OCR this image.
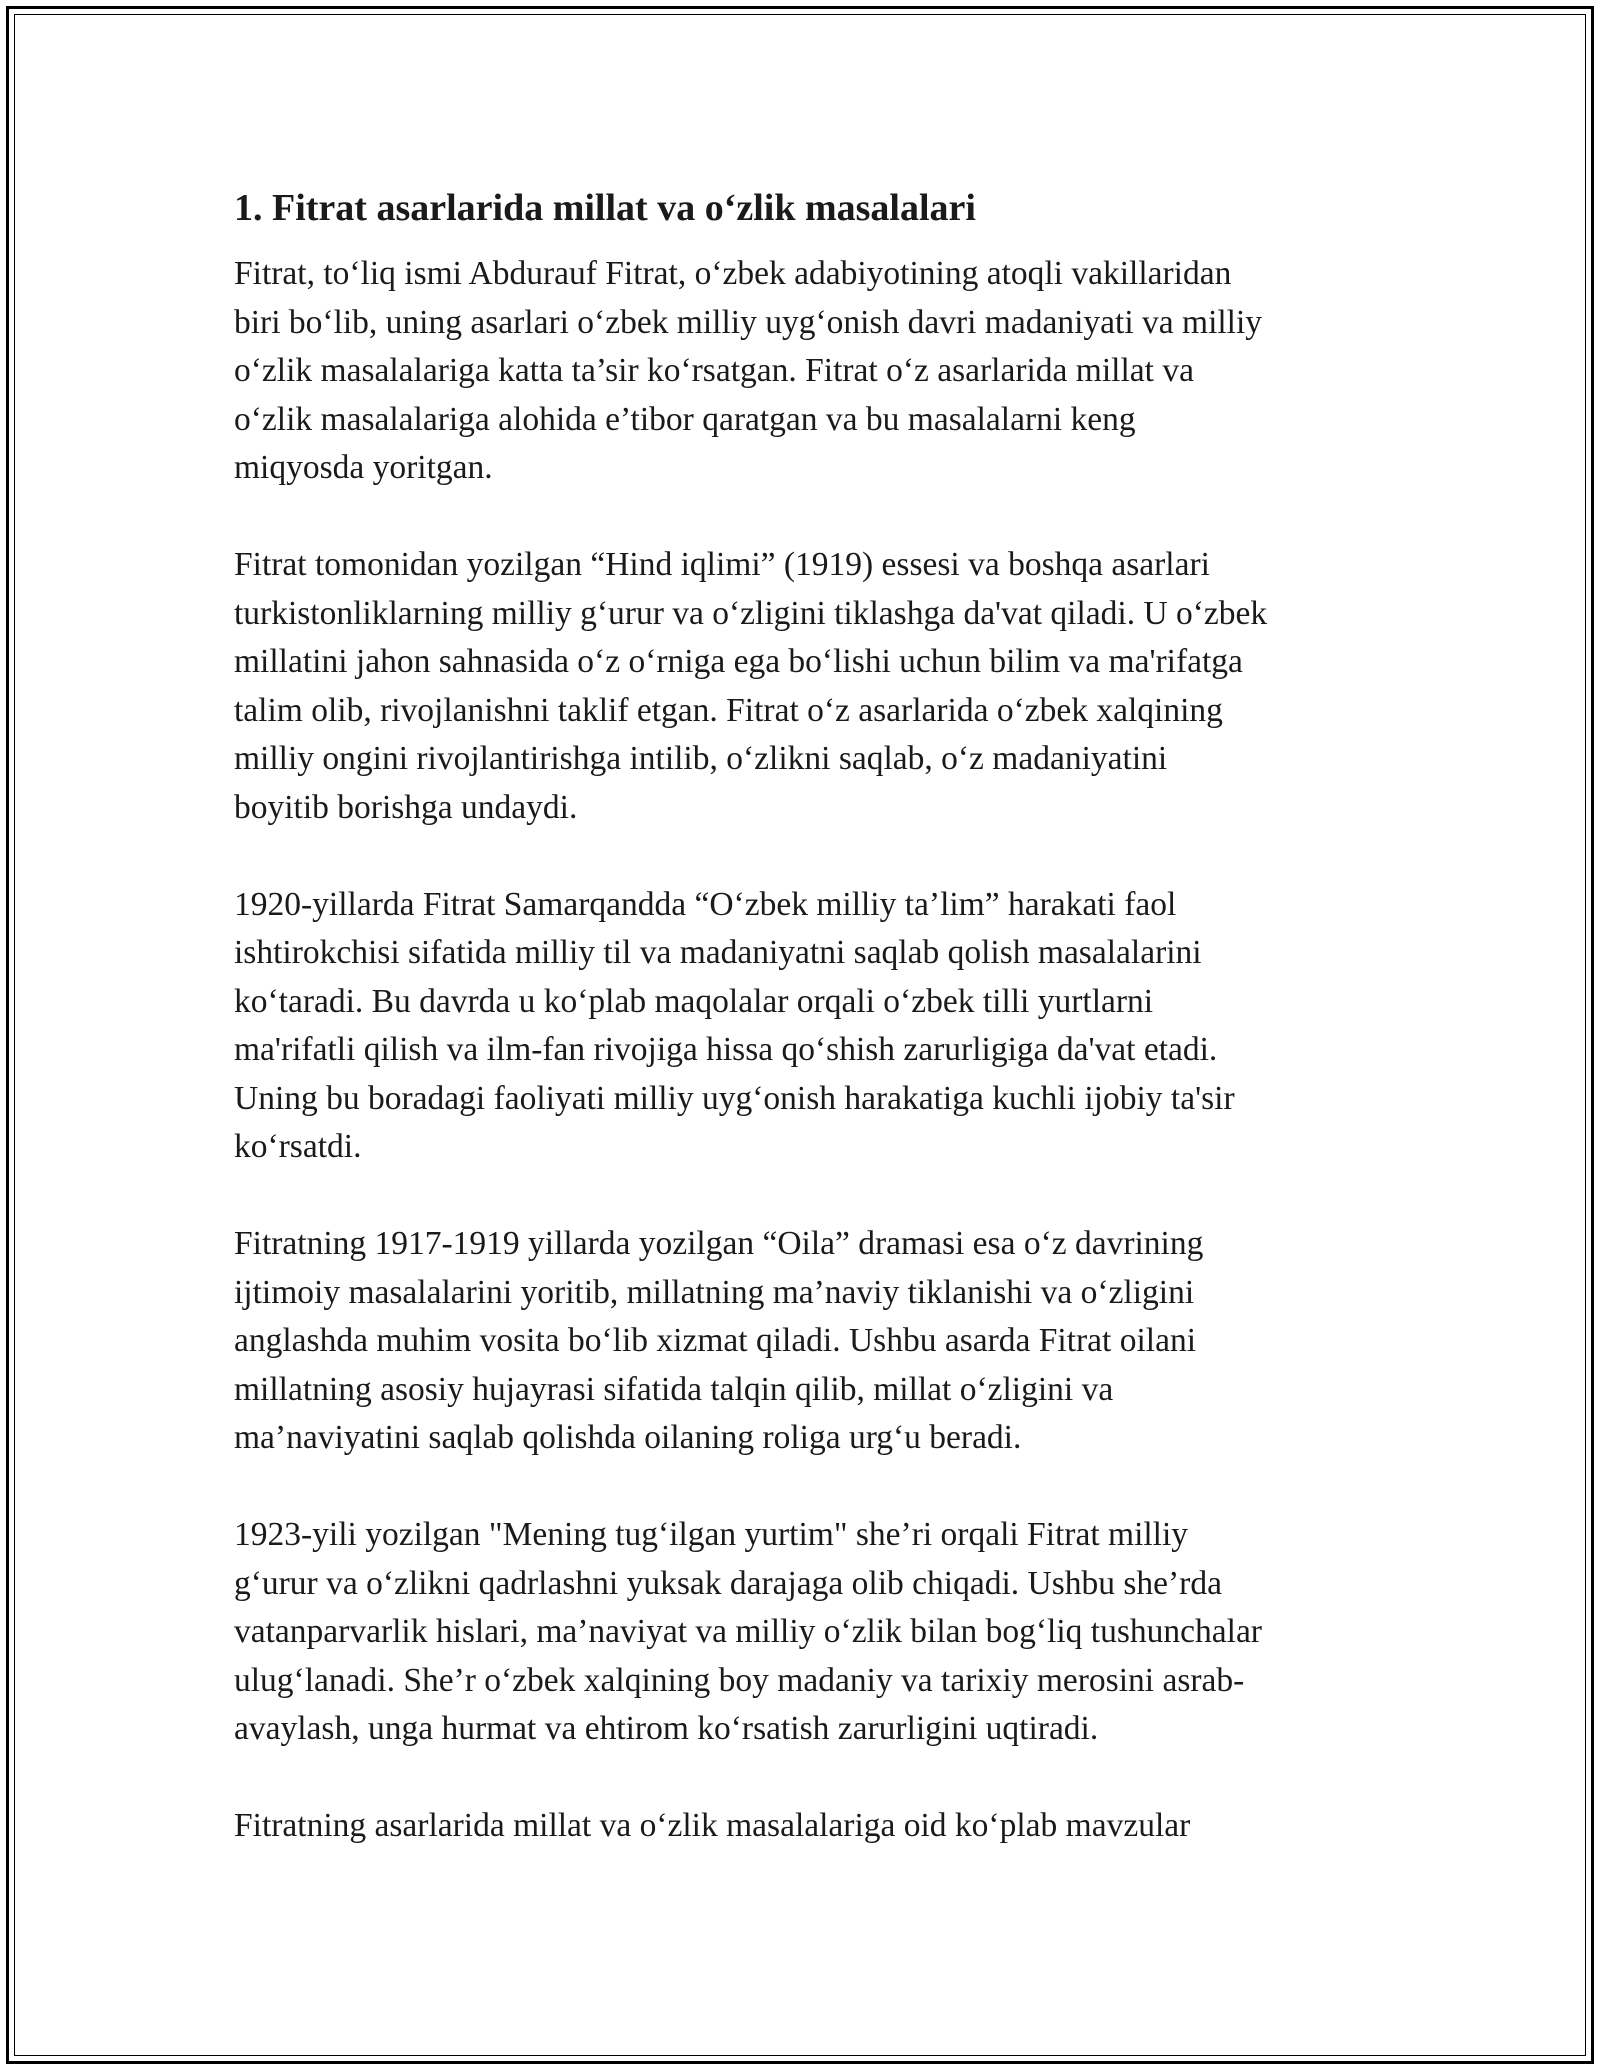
1. Fitrat asarlarida millat va o‘zlik masalalari

Fitrat, to‘liq ismi Abdurauf Fitrat, o‘zbek adabiyotining atoqli vakillaridan
biri bo‘lib, uning asarlari o‘zbek milliy uyg‘onish davri madaniyati va milliy
o‘zlik masalalariga katta ta’sir ko‘rsatgan. Fitrat o‘z asarlarida millat va
o‘zlik masalalariga alohida e’tibor qaratgan va bu masalalarni keng
miqyosda yoritgan.

Fitrat tomonidan yozilgan “Hind iqlimi” (1919) essesi va boshqa asarlari
turkistonliklarning milliy g‘urur va o‘zligini tiklashga da'vat qiladi. U o‘zbek
millatini jahon sahnasida o‘z o‘rniga ega bo‘lishi uchun bilim va ma'rifatga
talim olib, rivojlanishni taklif etgan. Fitrat o‘z asarlarida o‘zbek xalqining
milliy ongini rivojlantirishga intilib, o‘zlikni saqlab, o‘z madaniyatini
boyitib borishga undaydi.

1920-yillarda Fitrat Samarqandda “O‘zbek milliy ta’lim” harakati faol
ishtirokchisi sifatida milliy til va madaniyatni saqlab qolish masalalarini
ko‘taradi. Bu davrda u ko‘plab maqolalar orqali o‘zbek tilli yurtlarni
ma'rifatli qilish va ilm-fan rivojiga hissa qo‘shish zarurligiga da'vat etadi.
Uning bu boradagi faoliyati milliy uyg‘onish harakatiga kuchli ijobiy ta'sir
ko‘rsatdi.

Fitratning 1917-1919 yillarda yozilgan “Oila” dramasi esa o‘z davrining
ijtimoiy masalalarini yoritib, millatning ma’naviy tiklanishi va o‘zligini
anglashda muhim vosita bo‘lib xizmat qiladi. Ushbu asarda Fitrat oilani
millatning asosiy hujayrasi sifatida talqin qilib, millat o‘zligini va
ma’naviyatini saqlab qolishda oilaning roliga urg‘u beradi.

1923-yili yozilgan "Mening tug‘ilgan yurtim" she’ri orqali Fitrat milliy
g‘urur va o‘zlikni qadrlashni yuksak darajaga olib chiqadi. Ushbu she’rda
vatanparvarlik hislari, ma’naviyat va milliy o‘zlik bilan bog‘liq tushunchalar
ulug‘lanadi. She’r o‘zbek xalqining boy madaniy va tarixiy merosini asrab-
avaylash, unga hurmat va ehtirom ko‘rsatish zarurligini uqtiradi.

Fitratning asarlarida millat va o‘zlik masalalariga oid ko‘plab mavzular
